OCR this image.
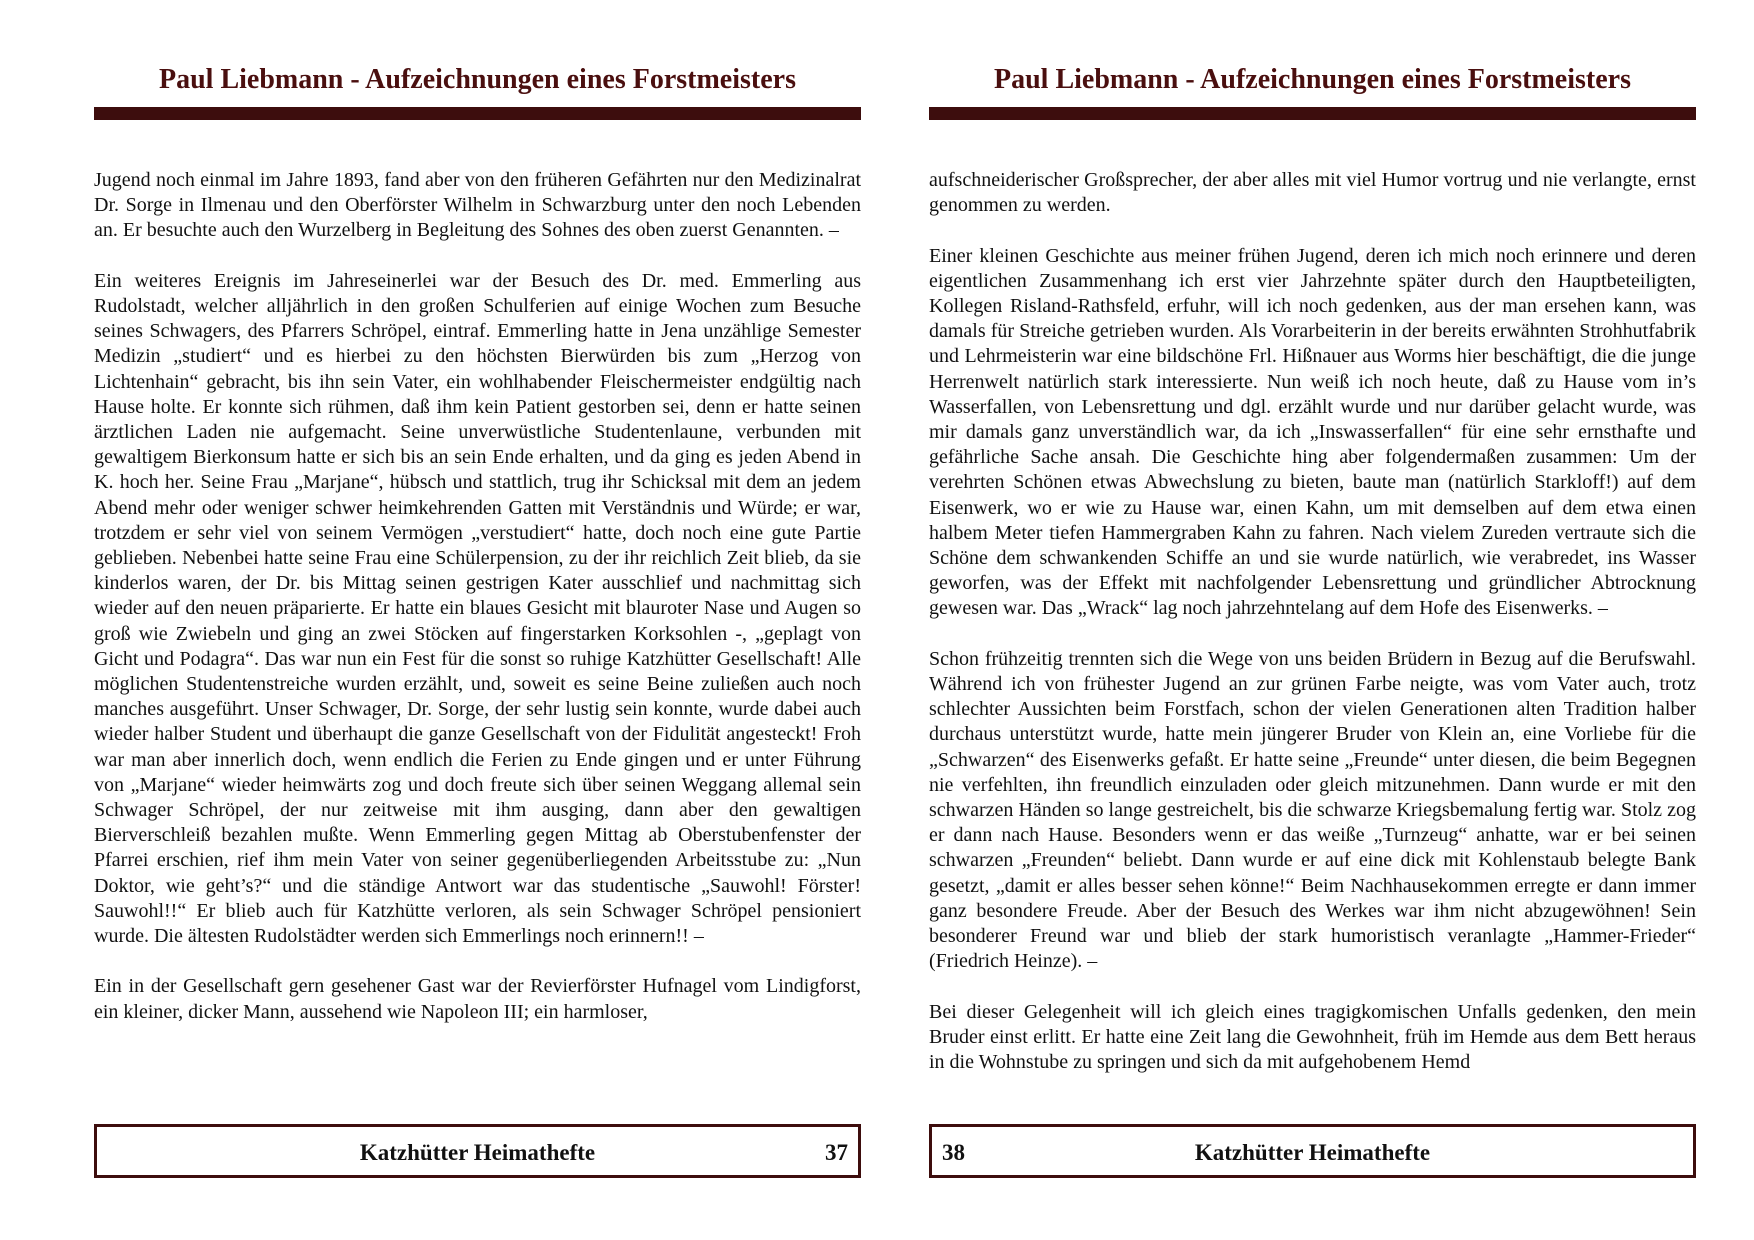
Paul Liebmann - Aufzeichnungen eines Forstmeisters

Jugend noch einmal im Jahre 1893, fand aber von den früheren Gefährten nur den Medizinalrat Dr. Sorge in Ilmenau und den Oberförster Wilhelm in Schwarzburg unter den noch Lebenden an. Er besuchte auch den Wurzelberg in Begleitung des Sohnes des oben zuerst Genannten. –

Ein weiteres Ereignis im Jahreseinerlei war der Besuch des Dr. med. Emmerling aus Rudolstadt, welcher alljährlich in den großen Schulferien auf einige Wochen zum Besuche seines Schwagers, des Pfarrers Schröpel, eintraf. Emmerling hatte in Jena unzählige Semester Medizin „studiert“ und es hierbei zu den höchsten Bierwürden bis zum „Herzog von Lichtenhain“ gebracht, bis ihn sein Vater, ein wohlhabender Fleischermeister endgültig nach Hause holte. Er konnte sich rühmen, daß ihm kein Patient gestorben sei, denn er hatte seinen ärztlichen Laden nie aufgemacht. Seine unverwüstliche Studentenlaune, verbunden mit gewaltigem Bierkonsum hatte er sich bis an sein Ende erhalten, und da ging es jeden Abend in K. hoch her. Seine Frau „Marjane“, hübsch und stattlich, trug ihr Schicksal mit dem an jedem Abend mehr oder weniger schwer heimkehrenden Gatten mit Verständnis und Würde; er war, trotzdem er sehr viel von seinem Vermögen „verstudiert“ hatte, doch noch eine gute Partie geblieben. Nebenbei hatte seine Frau eine Schülerpension, zu der ihr reichlich Zeit blieb, da sie kinderlos waren, der Dr. bis Mittag seinen gestrigen Kater ausschlief und nachmittag sich wieder auf den neuen präparierte. Er hatte ein blaues Gesicht mit blauroter Nase und Augen so groß wie Zwiebeln und ging an zwei Stöcken auf fingerstarken Korksohlen -, „geplagt von Gicht und Podagra“. Das war nun ein Fest für die sonst so ruhige Katzhütter Gesellschaft! Alle möglichen Studentenstreiche wurden erzählt, und, soweit es seine Beine zuließen auch noch manches ausgeführt. Unser Schwager, Dr. Sorge, der sehr lustig sein konnte, wurde dabei auch wieder halber Student und überhaupt die ganze Gesellschaft von der Fidulität angesteckt! Froh war man aber innerlich doch, wenn endlich die Ferien zu Ende gingen und er unter Führung von „Marjane“ wieder heimwärts zog und doch freute sich über seinen Weggang allemal sein Schwager Schröpel, der nur zeitweise mit ihm ausging, dann aber den gewaltigen Bierverschleiß bezahlen mußte. Wenn Emmerling gegen Mittag ab Oberstubenfenster der Pfarrei erschien, rief ihm mein Vater von seiner gegenüberliegenden Arbeitsstube zu: „Nun Doktor, wie geht’s?“ und die ständige Antwort war das studentische „Sauwohl! Förster! Sauwohl!!“ Er blieb auch für Katzhütte verloren, als sein Schwager Schröpel pensioniert wurde. Die ältesten Rudolstädter werden sich Emmerlings noch erinnern!! –

Ein in der Gesellschaft gern gesehener Gast war der Revierförster Hufnagel vom Lindigforst, ein kleiner, dicker Mann, aussehend wie Napoleon III; ein harmloser,

Katzhütter Heimathefte	37
Paul Liebmann - Aufzeichnungen eines Forstmeisters

aufschneiderischer Großsprecher, der aber alles mit viel Humor vortrug und nie verlangte, ernst genommen zu werden.

Einer kleinen Geschichte aus meiner frühen Jugend, deren ich mich noch erinnere und deren eigentlichen Zusammenhang ich erst vier Jahrzehnte später durch den Hauptbeteiligten, Kollegen Risland-Rathsfeld, erfuhr, will ich noch gedenken, aus der man ersehen kann, was damals für Streiche getrieben wurden. Als Vorarbeiterin in der bereits erwähnten Strohhutfabrik und Lehrmeisterin war eine bildschöne Frl. Hißnauer aus Worms hier beschäftigt, die die junge Herrenwelt natürlich stark interessierte. Nun weiß ich noch heute, daß zu Hause vom in’s Wasserfallen, von Lebensrettung und dgl. erzählt wurde und nur darüber gelacht wurde, was mir damals ganz unverständlich war, da ich „Inswasserfallen“ für eine sehr ernsthafte und gefährliche Sache ansah. Die Geschichte hing aber folgendermaßen zusammen: Um der verehrten Schönen etwas Abwechslung zu bieten, baute man (natürlich Starkloff!) auf dem Eisenwerk, wo er wie zu Hause war, einen Kahn, um mit demselben auf dem etwa einen halbem Meter tiefen Hammergraben Kahn zu fahren. Nach vielem Zureden vertraute sich die Schöne dem schwankenden Schiffe an und sie wurde natürlich, wie verabredet, ins Wasser geworfen, was der Effekt mit nachfolgender Lebensrettung und gründlicher Abtrocknung gewesen war. Das „Wrack“ lag noch jahrzehntelang auf dem Hofe des Eisenwerks. –

Schon frühzeitig trennten sich die Wege von uns beiden Brüdern in Bezug auf die Berufswahl. Während ich von frühester Jugend an zur grünen Farbe neigte, was vom Vater auch, trotz schlechter Aussichten beim Forstfach, schon der vielen Generationen alten Tradition halber durchaus unterstützt wurde, hatte mein jüngerer Bruder von Klein an, eine Vorliebe für die „Schwarzen“ des Eisenwerks gefaßt. Er hatte seine „Freunde“ unter diesen, die beim Begegnen nie verfehlten, ihn freundlich einzuladen oder gleich mitzunehmen. Dann wurde er mit den schwarzen Händen so lange gestreichelt, bis die schwarze Kriegsbemalung fertig war. Stolz zog er dann nach Hause. Besonders wenn er das weiße „Turnzeug“ anhatte, war er bei seinen schwarzen „Freunden“ beliebt. Dann wurde er auf eine dick mit Kohlenstaub belegte Bank gesetzt, „damit er alles besser sehen könne!“ Beim Nachhausekommen erregte er dann immer ganz besondere Freude. Aber der Besuch des Werkes war ihm nicht abzugewöhnen! Sein besonderer Freund war und blieb der stark humoristisch veranlagte „Hammer-Frieder“ (Friedrich Heinze). –

Bei dieser Gelegenheit will ich gleich eines tragigkomischen Unfalls gedenken, den mein Bruder einst erlitt. Er hatte eine Zeit lang die Gewohnheit, früh im Hemde aus dem Bett heraus in die Wohnstube zu springen und sich da mit aufgehobenem Hemd

38	Katzhütter Heimathefte
